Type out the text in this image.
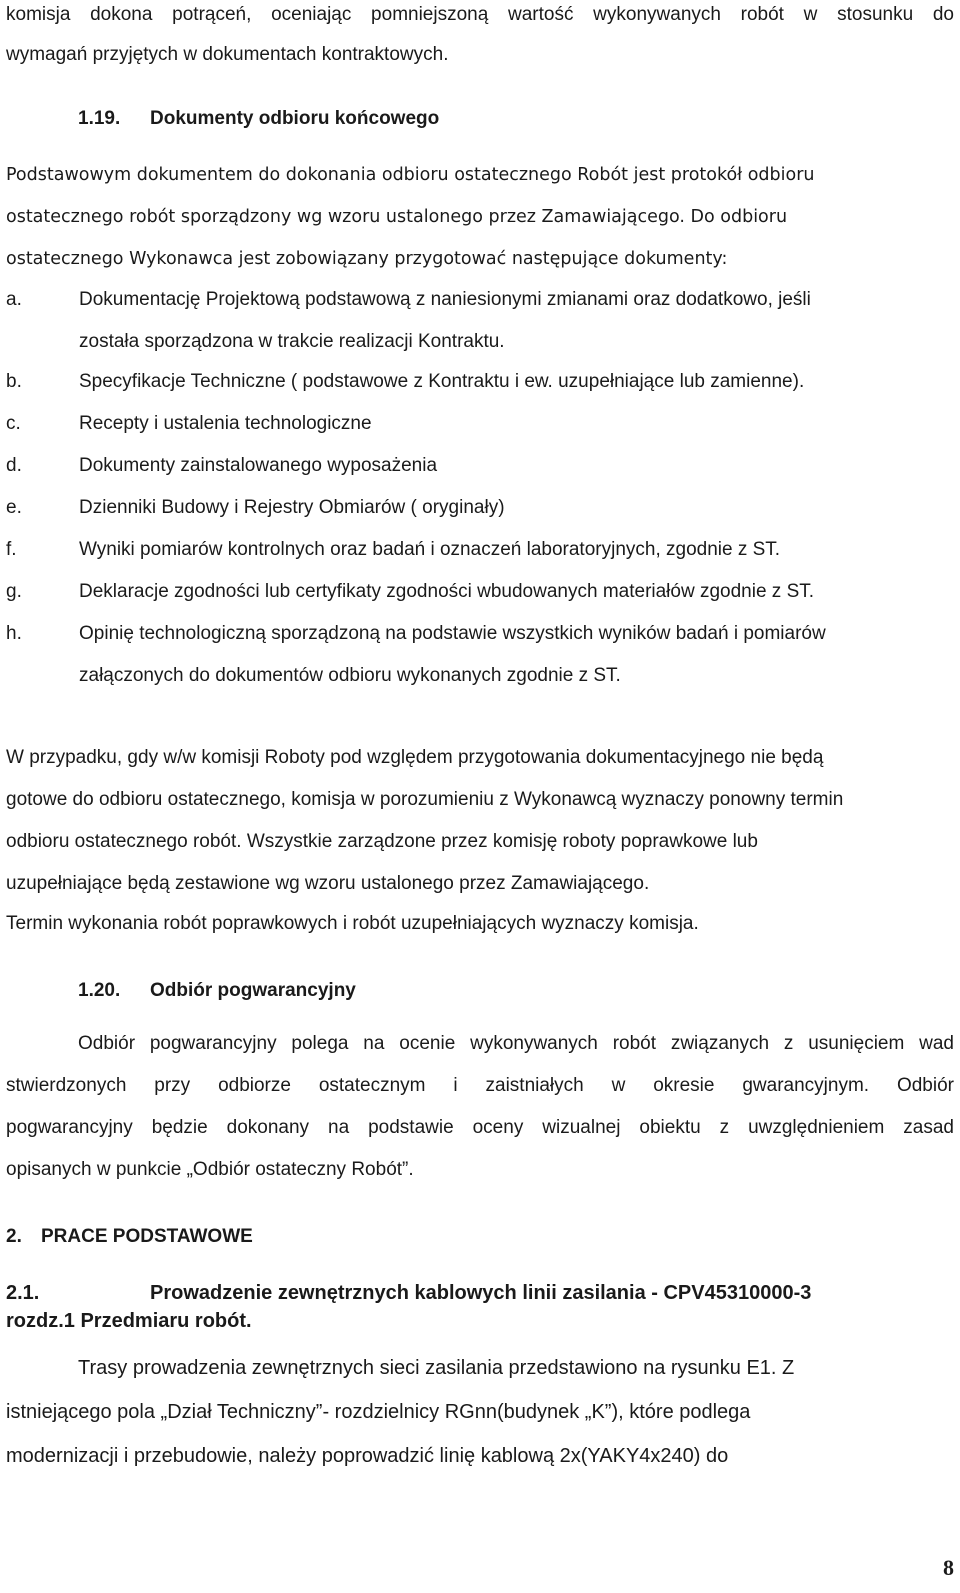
komisja dokona potrąceń, oceniając pomniejszoną wartość wykonywanych robót w stosunku do
wymagań przyjętych w dokumentach kontraktowych.
1.19. Dokumenty odbioru końcowego
Podstawowym dokumentem do dokonania odbioru ostatecznego Robót jest protokół odbioru
ostatecznego robót sporządzony wg wzoru ustalonego przez Zamawiającego. Do odbioru
ostatecznego Wykonawca jest zobowiązany przygotować następujące dokumenty:
a.	Dokumentację Projektową podstawową z naniesionymi zmianami oraz dodatkowo, jeśli
została sporządzona w trakcie realizacji Kontraktu.
b.	Specyfikacje Techniczne ( podstawowe z Kontraktu i ew. uzupełniające lub zamienne).
c.	Recepty i ustalenia technologiczne
d.	Dokumenty zainstalowanego wyposażenia
e.	Dzienniki Budowy i Rejestry Obmiarów ( oryginały)
f.	Wyniki pomiarów kontrolnych oraz badań i oznaczeń laboratoryjnych, zgodnie z ST.
g.	Deklaracje zgodności lub certyfikaty zgodności wbudowanych materiałów zgodnie z ST.
h.	Opinię technologiczną sporządzoną na podstawie wszystkich wyników badań i pomiarów
załączonych do dokumentów odbioru wykonanych zgodnie z ST.
W przypadku, gdy w/w komisji Roboty pod względem przygotowania dokumentacyjnego nie będą
gotowe do odbioru ostatecznego, komisja w porozumieniu z Wykonawcą wyznaczy ponowny termin
odbioru ostatecznego robót. Wszystkie zarządzone przez komisję roboty poprawkowe lub
uzupełniające będą zestawione wg wzoru ustalonego przez Zamawiającego.
Termin wykonania robót poprawkowych i robót uzupełniających wyznaczy komisja.
1.20. Odbiór pogwarancyjny
Odbiór pogwarancyjny polega na ocenie wykonywanych robót związanych z usunięciem wad
stwierdzonych przy odbiorze ostatecznym i zaistniałych w okresie gwarancyjnym. Odbiór
pogwarancyjny będzie dokonany na podstawie oceny wizualnej obiektu z uwzględnieniem zasad
opisanych w punkcie „Odbiór ostateczny Robót”.
2. PRACE PODSTAWOWE
2.1.	Prowadzenie zewnętrznych kablowych linii zasilania - CPV45310000-3
rozdz.1 Przedmiaru robót.
Trasy prowadzenia zewnętrznych sieci zasilania przedstawiono na rysunku E1. Z
istniejącego pola „Dział Techniczny”- rozdzielnicy RGnn(budynek „K”), które podlega
modernizacji i przebudowie, należy poprowadzić linię kablową 2x(YAKY4x240) do
8
